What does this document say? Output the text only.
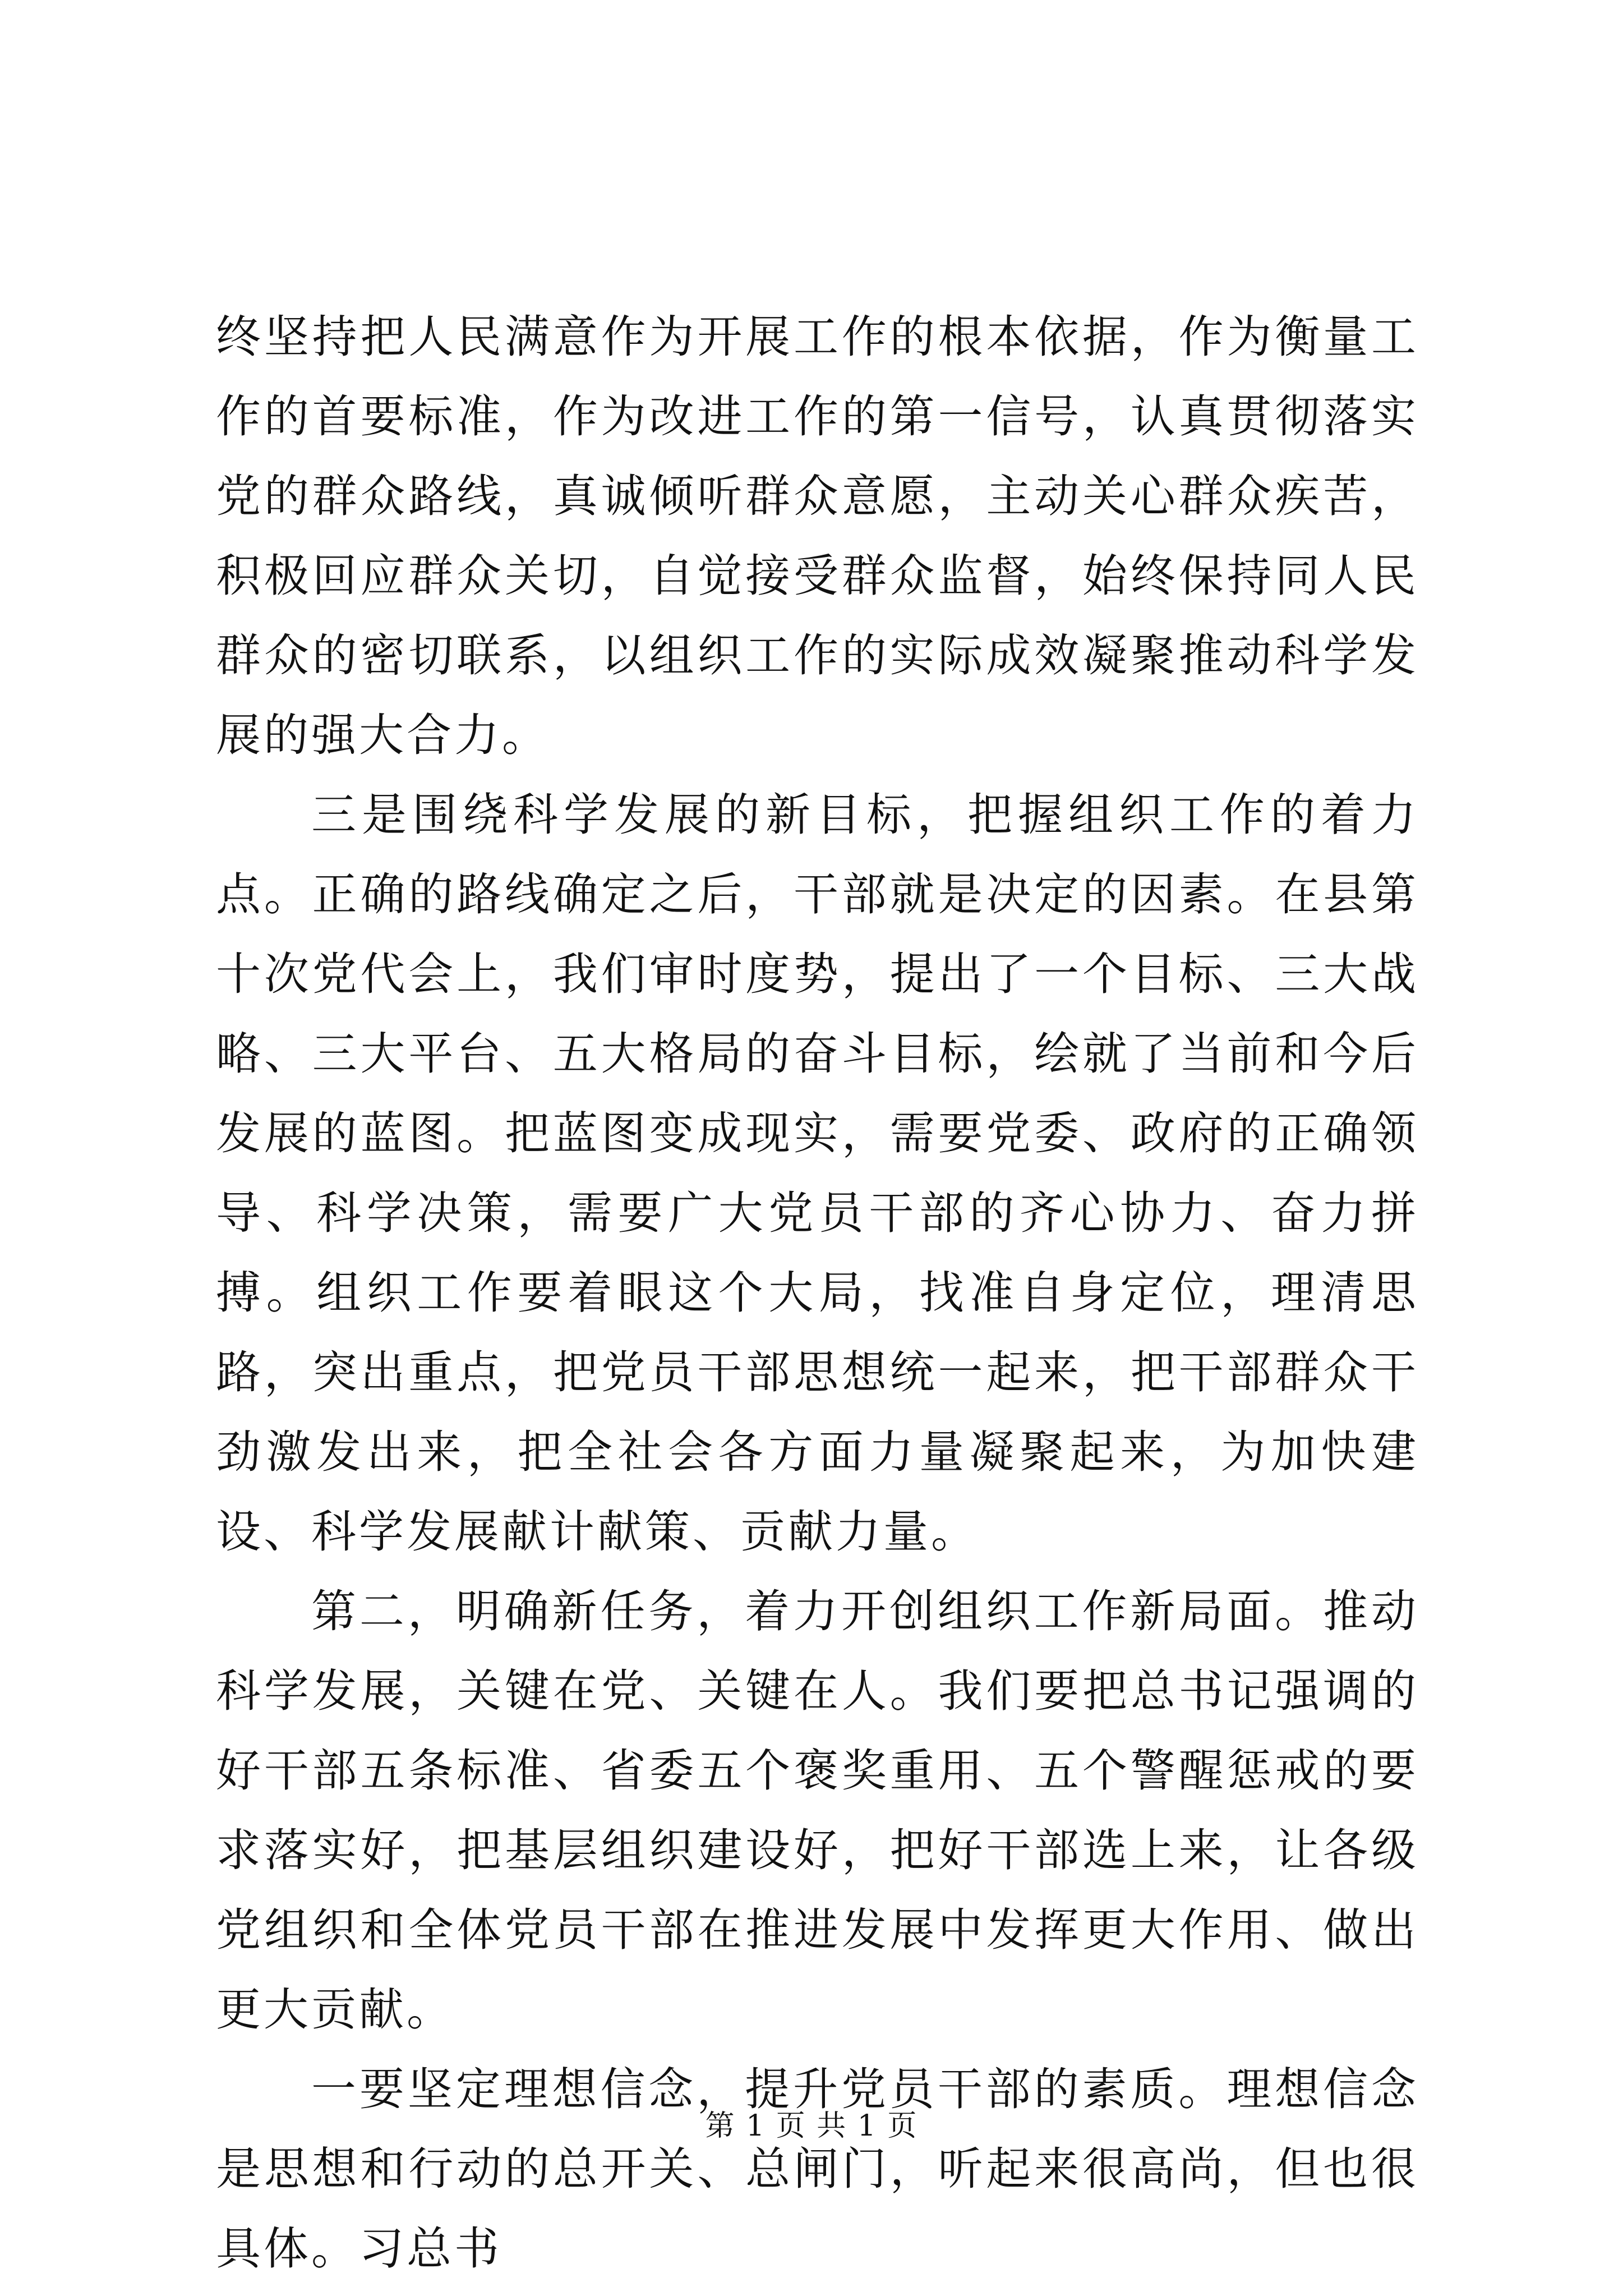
终坚持把人民满意作为开展工作的根本依据，作为衡量工作的首要标准，作为改进工作的第一信号，认真贯彻落实党的群众路线，真诚倾听群众意愿，主动关心群众疾苦，积极回应群众关切，自觉接受群众监督，始终保持同人民群众的密切联系，以组织工作的实际成效凝聚推动科学发展的强大合力。

三是围绕科学发展的新目标，把握组织工作的着力点。正确的路线确定之后，干部就是决定的因素。在县第十次党代会上，我们审时度势，提出了一个目标、三大战略、三大平台、五大格局的奋斗目标，绘就了当前和今后发展的蓝图。把蓝图变成现实，需要党委、政府的正确领导、科学决策，需要广大党员干部的齐心协力、奋力拼搏。组织工作要着眼这个大局，找准自身定位，理清思路，突出重点，把党员干部思想统一起来，把干部群众干劲激发出来，把全社会各方面力量凝聚起来，为加快建设、科学发展献计献策、贡献力量。

第二，明确新任务，着力开创组织工作新局面。推动科学发展，关键在党、关键在人。我们要把总书记强调的好干部五条标准、省委五个褒奖重用、五个警醒惩戒的要求落实好，把基层组织建设好，把好干部选上来，让各级党组织和全体党员干部在推进发展中发挥更大作用、做出更大贡献。

一要坚定理想信念，提升党员干部的素质。理想信念是思想和行动的总开关、总闸门，听起来很高尚，但也很具体。习总书

第 1 页 共 1 页
